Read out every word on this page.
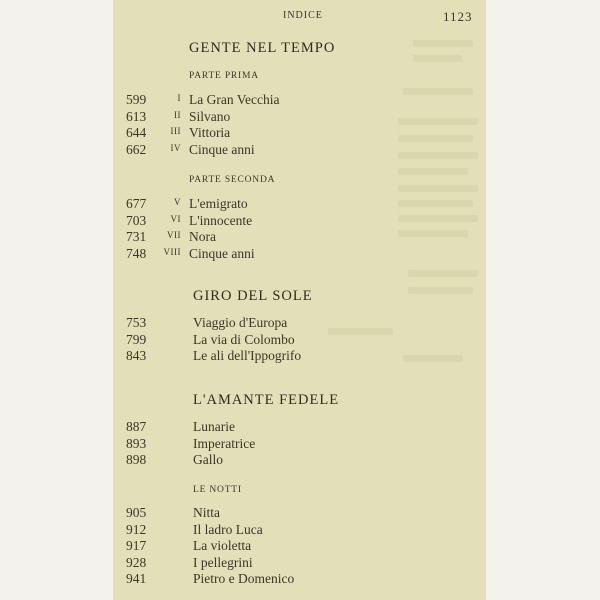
INDICE	1123
GENTE NEL TEMPO
PARTE PRIMA
599	I La Gran Vecchia
613	II Silvano
644	III Vittoria
662	IV Cinque anni
PARTE SECONDA
677	V L'emigrato
703	VI L'innocente
731	VII Nora
748	VIII Cinque anni
GIRO DEL SOLE
753	Viaggio d'Europa
799	La via di Colombo
843	Le ali dell'Ippogrifo
L'AMANTE FEDELE
887	Lunarie
893	Imperatrice
898	Gallo
LE NOTTI
905	Nitta
912	Il ladro Luca
917	La violetta
928	I pellegrini
941	Pietro e Domenico
